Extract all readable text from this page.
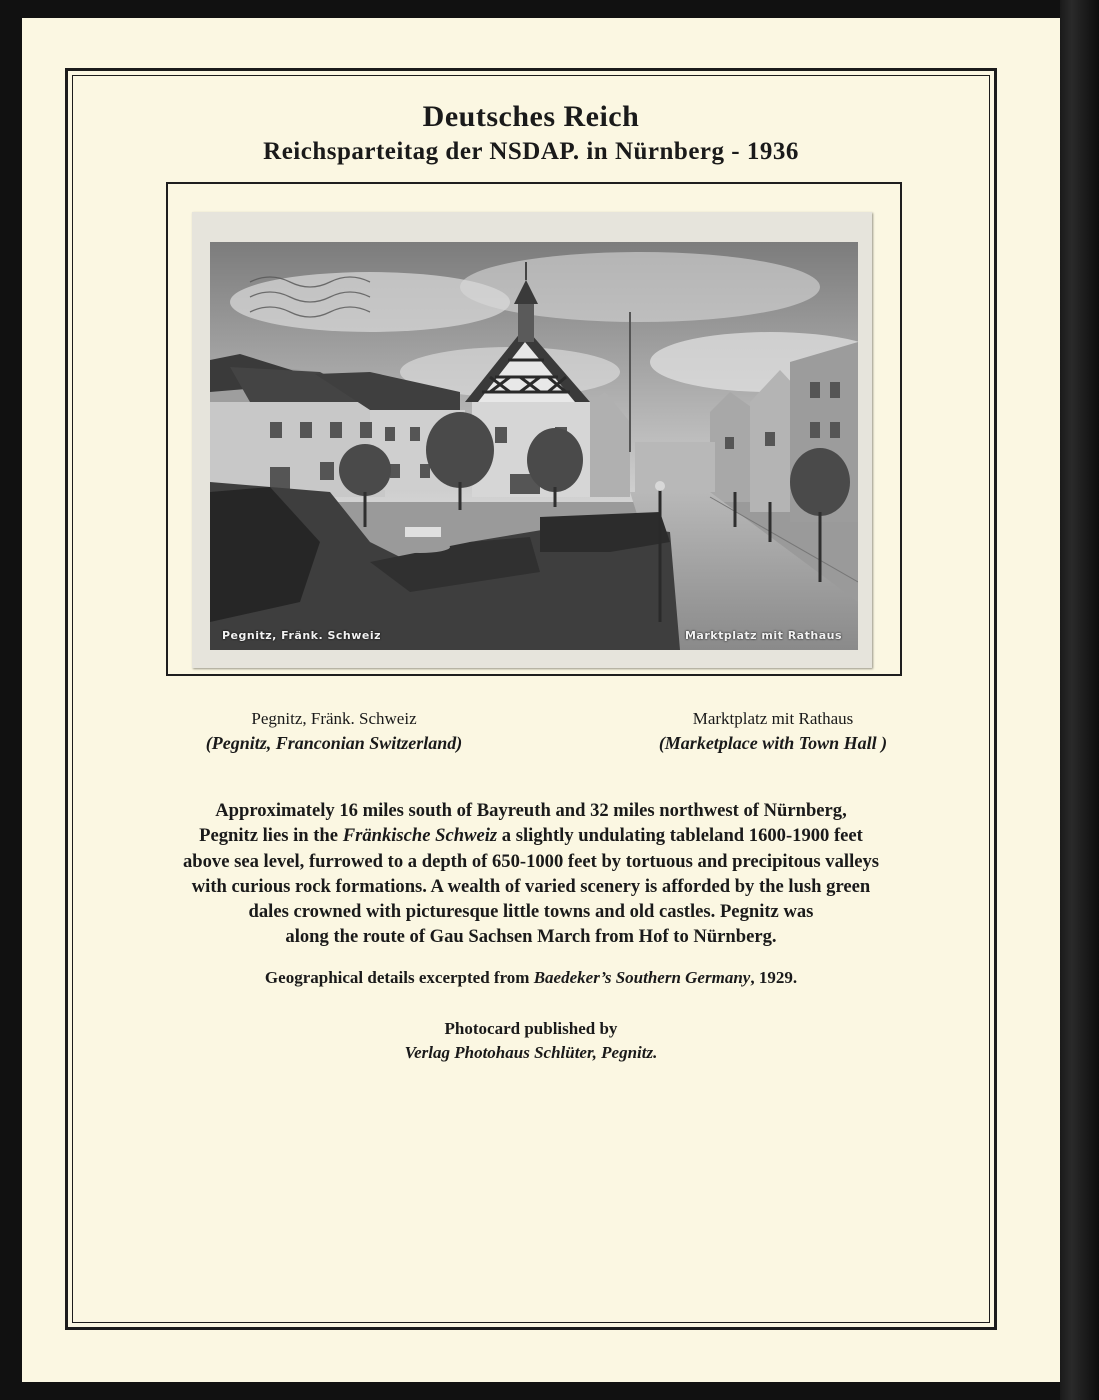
Deutsches Reich
Reichsparteitag der NSDAP. in Nürnberg - 1936
Pegnitz, Fränk. Schweiz	Marktplatz mit Rathaus
Pegnitz, Fränk. Schweiz
(Pegnitz, Franconian Switzerland)
Marktplatz mit Rathaus
(Marketplace with Town Hall )
Approximately 16 miles south of Bayreuth and 32 miles northwest of Nürnberg,
Pegnitz lies in the Fränkische Schweiz a slightly undulating tableland 1600-1900 feet
above sea level, furrowed to a depth of 650-1000 feet by tortuous and precipitous valleys
with curious rock formations. A wealth of varied scenery is afforded by the lush green
dales crowned with picturesque little towns and old castles. Pegnitz was
along the route of Gau Sachsen March from Hof to Nürnberg.
Geographical details excerpted from Baedeker’s Southern Germany, 1929.
Photocard published by
Verlag Photohaus Schlüter, Pegnitz.
